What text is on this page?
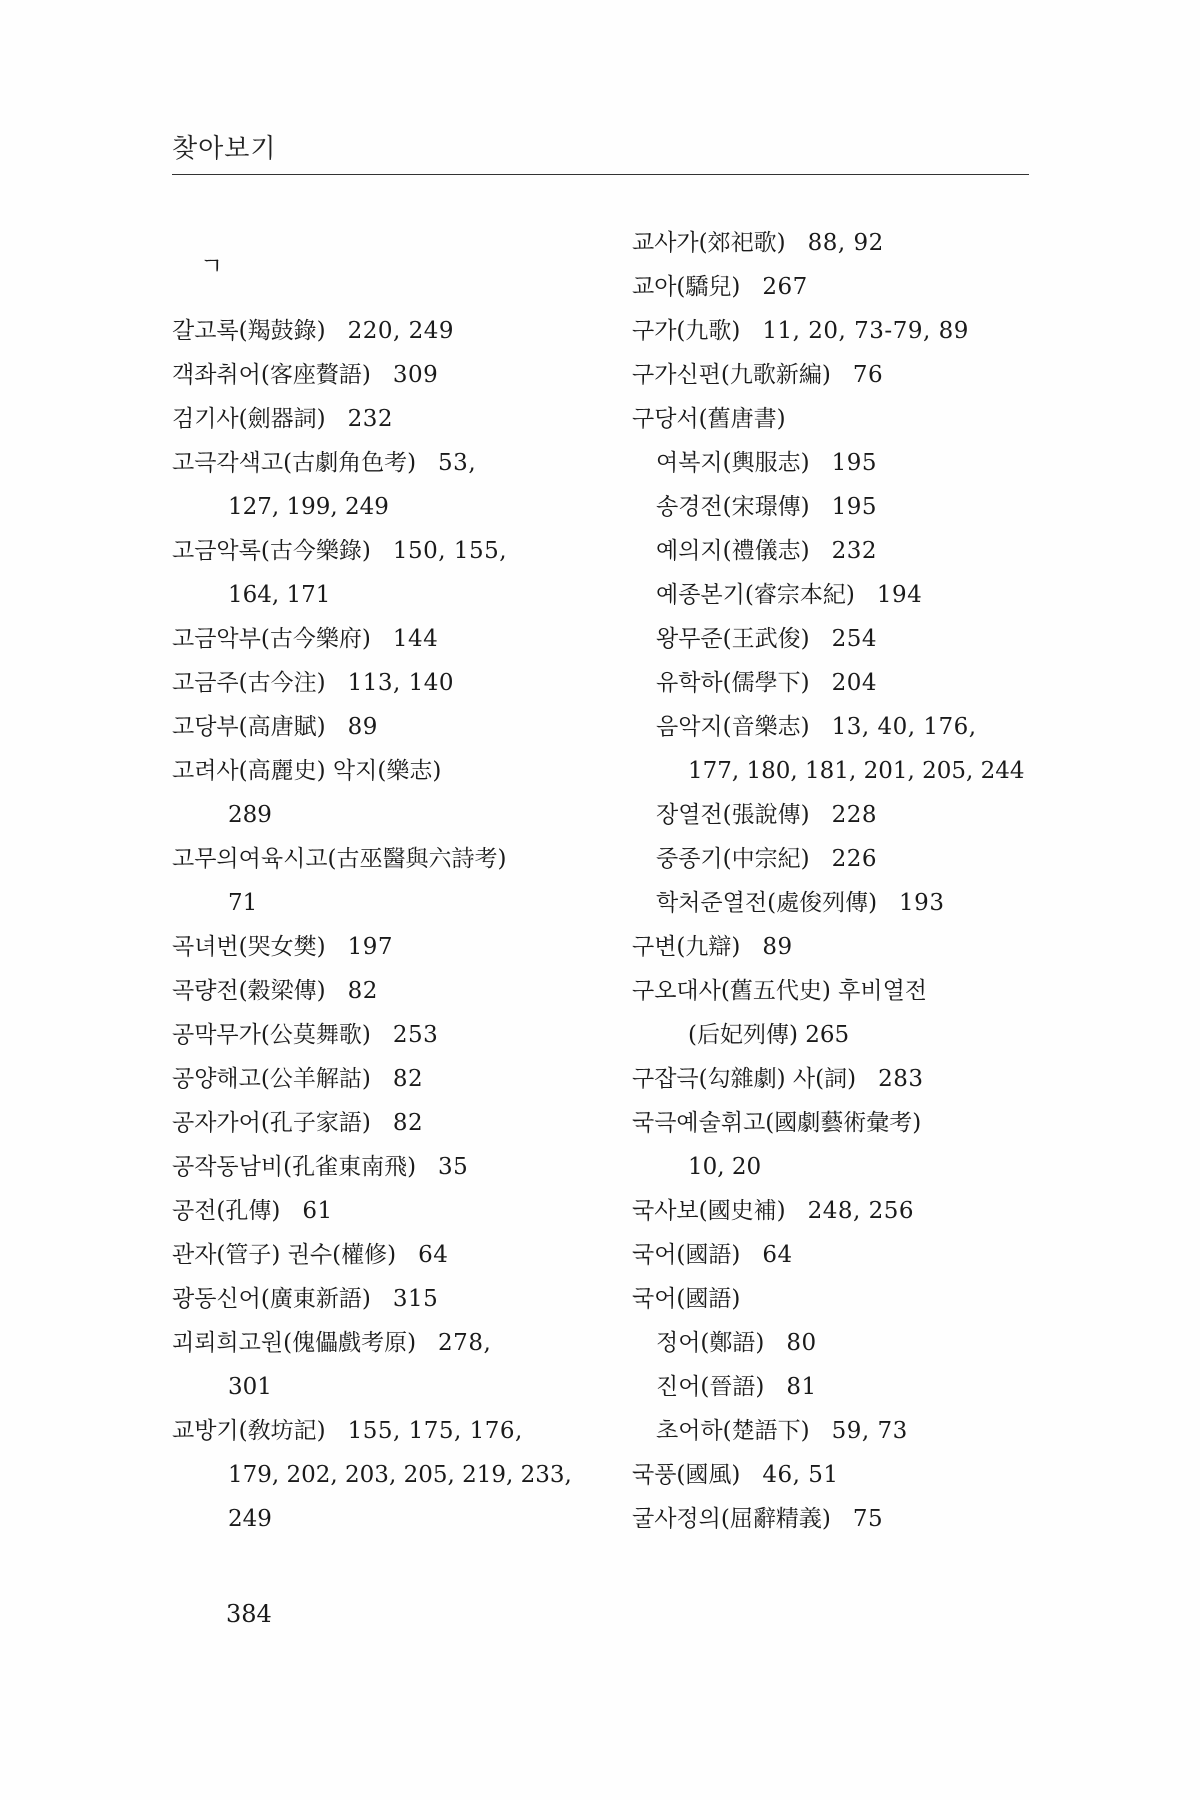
찾아보기
ㄱ
갈고록(羯鼓錄) 220, 249
객좌취어(客座贅語) 309
검기사(劍器詞) 232
고극각색고(古劇角色考) 53,
127, 199, 249
고금악록(古今樂錄) 150, 155,
164, 171
고금악부(古今樂府) 144
고금주(古今注) 113, 140
고당부(高唐賦) 89
고려사(高麗史) 악지(樂志)
289
고무의여육시고(古巫醫與六詩考)
71
곡녀번(哭女樊) 197
곡량전(穀梁傳) 82
공막무가(公莫舞歌) 253
공양해고(公羊解詁) 82
공자가어(孔子家語) 82
공작동남비(孔雀東南飛) 35
공전(孔傳) 61
관자(管子) 권수(權修) 64
광동신어(廣東新語) 315
괴뢰희고원(傀儡戲考原) 278,
301
교방기(敎坊記) 155, 175, 176,
179, 202, 203, 205, 219, 233,
249
교사가(郊祀歌) 88, 92
교아(驕兒) 267
구가(九歌) 11, 20, 73-79, 89
구가신편(九歌新編) 76
구당서(舊唐書)
여복지(輿服志) 195
송경전(宋璟傳) 195
예의지(禮儀志) 232
예종본기(睿宗本紀) 194
왕무준(王武俊) 254
유학하(儒學下) 204
음악지(音樂志) 13, 40, 176,
177, 180, 181, 201, 205, 244
장열전(張說傳) 228
중종기(中宗紀) 226
학처준열전(處俊列傳) 193
구변(九辯) 89
구오대사(舊五代史) 후비열전
(后妃列傳) 265
구잡극(勾雜劇) 사(詞) 283
국극예술휘고(國劇藝術彙考)
10, 20
국사보(國史補) 248, 256
국어(國語) 64
국어(國語)
정어(鄭語) 80
진어(晉語) 81
초어하(楚語下) 59, 73
국풍(國風) 46, 51
굴사정의(屈辭精義) 75
384
